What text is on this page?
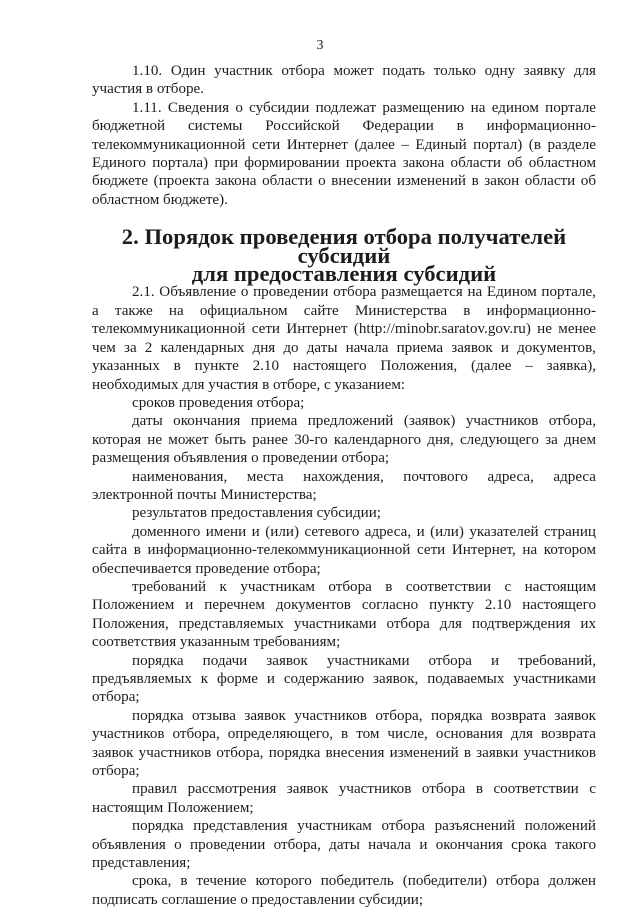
3

1.10. Один участник отбора может подать только одну заявку для участия в отборе.

1.11. Сведения о субсидии подлежат размещению на едином портале бюджетной системы Российской Федерации в информационно-телекоммуникационной сети Интернет (далее – Единый портал) (в разделе Единого портала) при формировании проекта закона области об областном бюджете (проекта закона области о внесении изменений в закон области об областном бюджете).

2. Порядок проведения отбора получателей субсидий
для предоставления субсидий

2.1. Объявление о проведении отбора размещается на Едином портале, а также на официальном сайте Министерства в информационно-телекоммуникационной сети Интернет (http://minobr.saratov.gov.ru) не менее чем за 2 календарных дня до даты начала приема заявок и документов, указанных в пункте 2.10 настоящего Положения, (далее – заявка), необходимых для участия в отборе, с указанием:

сроков проведения отбора;

даты окончания приема предложений (заявок) участников отбора, которая не может быть ранее 30-го календарного дня, следующего за днем размещения объявления о проведении отбора;

наименования, места нахождения, почтового адреса, адреса электронной почты Министерства;

результатов предоставления субсидии;

доменного имени и (или) сетевого адреса, и (или) указателей страниц сайта в информационно-телекоммуникационной сети Интернет, на котором обеспечивается проведение отбора;

требований к участникам отбора в соответствии с настоящим Положением и перечнем документов согласно пункту 2.10 настоящего Положения, представляемых участниками отбора для подтверждения их соответствия указанным требованиям;

порядка подачи заявок участниками отбора и требований, предъявляемых к форме и содержанию заявок, подаваемых участниками отбора;

порядка отзыва заявок участников отбора, порядка возврата заявок участников отбора, определяющего, в том числе, основания для возврата заявок участников отбора, порядка внесения изменений в заявки участников отбора;

правил рассмотрения заявок участников отбора в соответствии с настоящим Положением;

порядка представления участникам отбора разъяснений положений объявления о проведении отбора, даты начала и окончания срока такого представления;

срока, в течение которого победитель (победители) отбора должен подписать соглашение о предоставлении субсидии;
